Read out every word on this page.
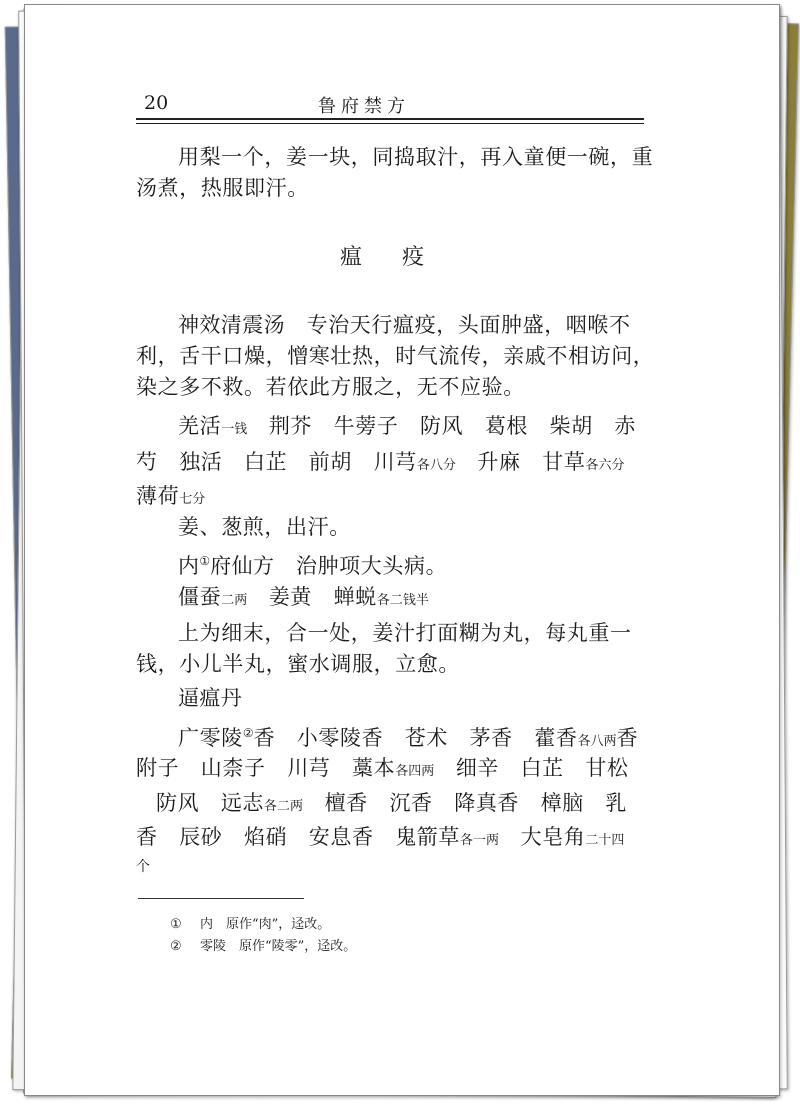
20	鲁府禁方
用梨一个，姜一块，同捣取汁，再入童便一碗，重
汤煮，热服即汗。
瘟疫
神效清震汤　 专治天行瘟疫，头面肿盛，咽喉不
利，舌干口燥，憎寒壮热，时气流传，亲戚不相访问，
染之多不救。若依此方服之，无不应验。
羌活一钱　 荆芥　牛蒡子　防风　葛根　柴胡　赤
芍　独活　白芷　前胡　川芎各八分　升麻　甘草各六分
薄荷七分
姜、葱煎，出汗。
内①府仙方　 治肿项大头病。
僵蚕二两　姜黄　蝉蜕各二钱半
上为细末，合一处，姜汁打面糊为丸，每丸重一
钱，小儿半丸，蜜水调服，立愈。
逼瘟丹
广零陵②香　小零陵香　苍术　茅香　藿香各八两香
附子　山柰子　川芎　藁本各四两　细辛　白芷　甘松
防风　远志各二两　檀香　沉香　降真香　樟脑　乳
香　辰砂　焰硝　安息香　鬼箭草各一两　大皂角二十四
个
① 内　原作“肉”，迳改。
② 零陵　原作“陵零”，迳改。
